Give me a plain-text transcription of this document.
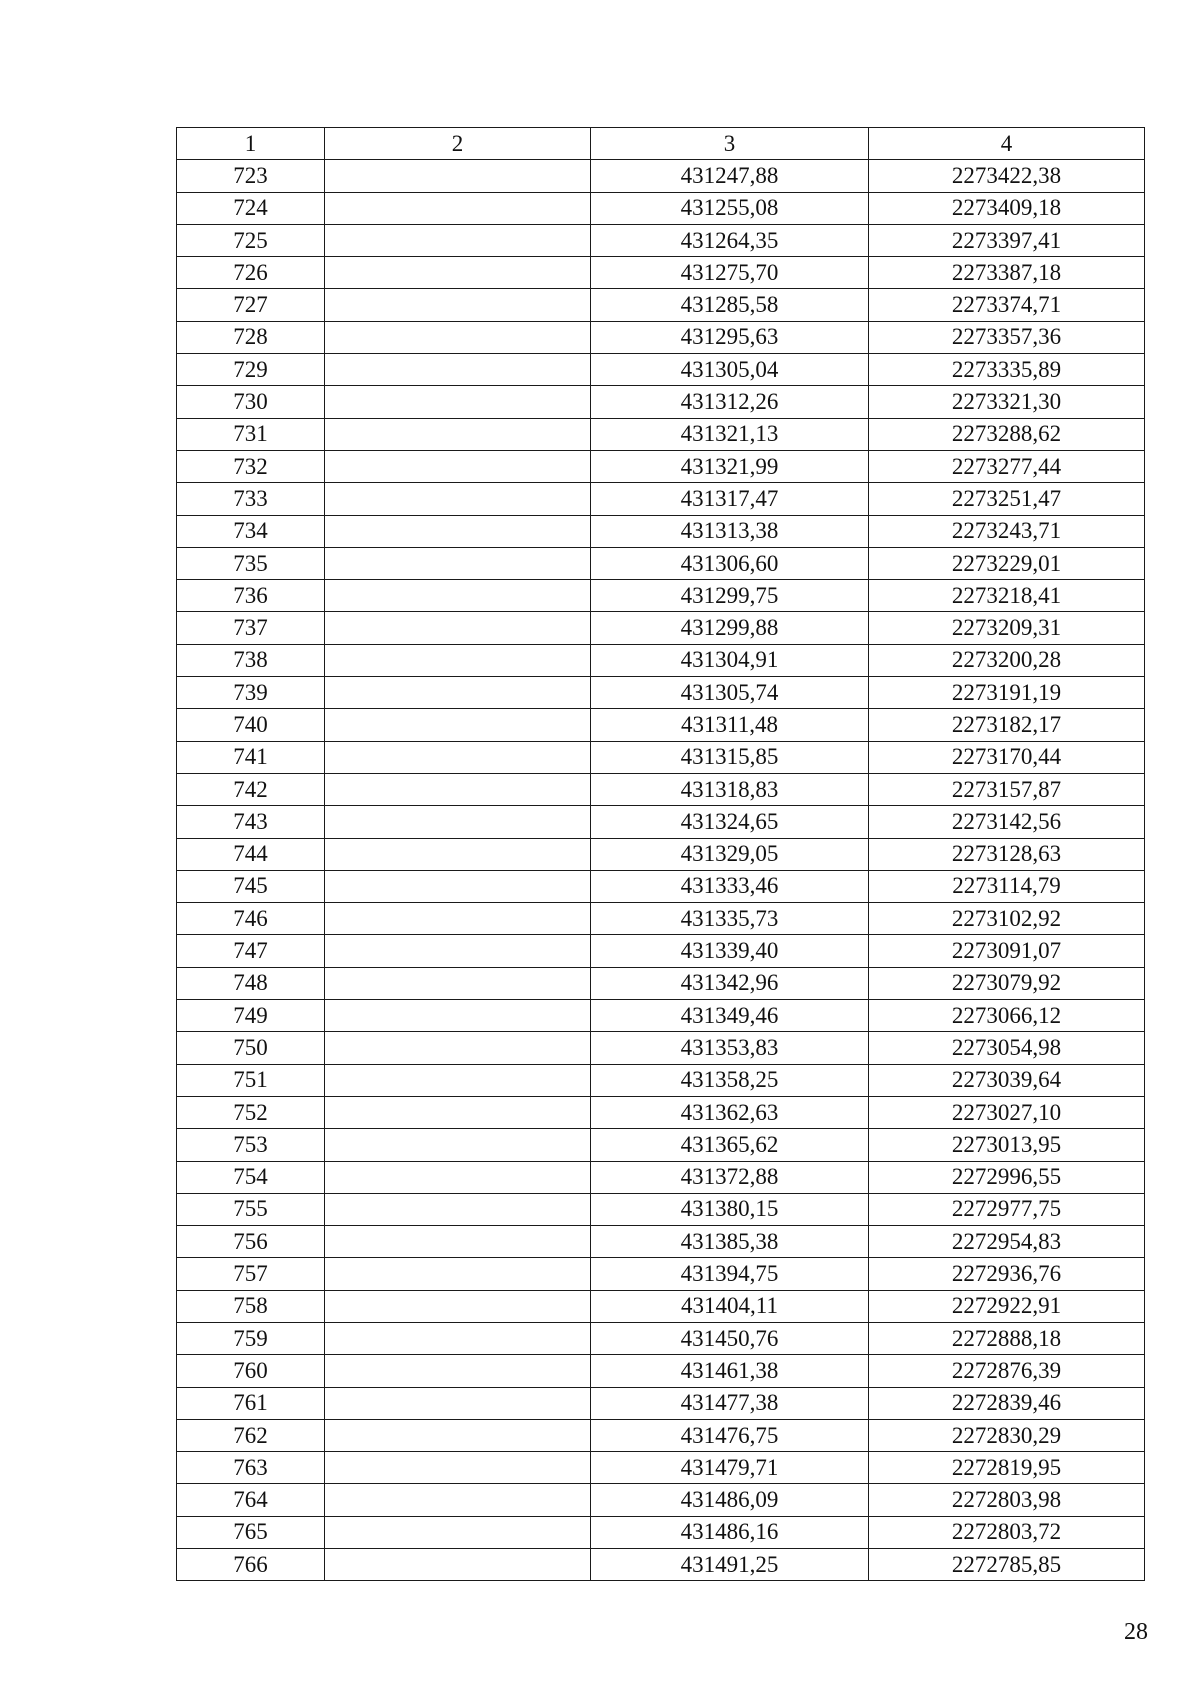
1	2	3	4
723		431247,88	2273422,38
724		431255,08	2273409,18
725		431264,35	2273397,41
726		431275,70	2273387,18
727		431285,58	2273374,71
728		431295,63	2273357,36
729		431305,04	2273335,89
730		431312,26	2273321,30
731		431321,13	2273288,62
732		431321,99	2273277,44
733		431317,47	2273251,47
734		431313,38	2273243,71
735		431306,60	2273229,01
736		431299,75	2273218,41
737		431299,88	2273209,31
738		431304,91	2273200,28
739		431305,74	2273191,19
740		431311,48	2273182,17
741		431315,85	2273170,44
742		431318,83	2273157,87
743		431324,65	2273142,56
744		431329,05	2273128,63
745		431333,46	2273114,79
746		431335,73	2273102,92
747		431339,40	2273091,07
748		431342,96	2273079,92
749		431349,46	2273066,12
750		431353,83	2273054,98
751		431358,25	2273039,64
752		431362,63	2273027,10
753		431365,62	2273013,95
754		431372,88	2272996,55
755		431380,15	2272977,75
756		431385,38	2272954,83
757		431394,75	2272936,76
758		431404,11	2272922,91
759		431450,76	2272888,18
760		431461,38	2272876,39
761		431477,38	2272839,46
762		431476,75	2272830,29
763		431479,71	2272819,95
764		431486,09	2272803,98
765		431486,16	2272803,72
766		431491,25	2272785,85
28
